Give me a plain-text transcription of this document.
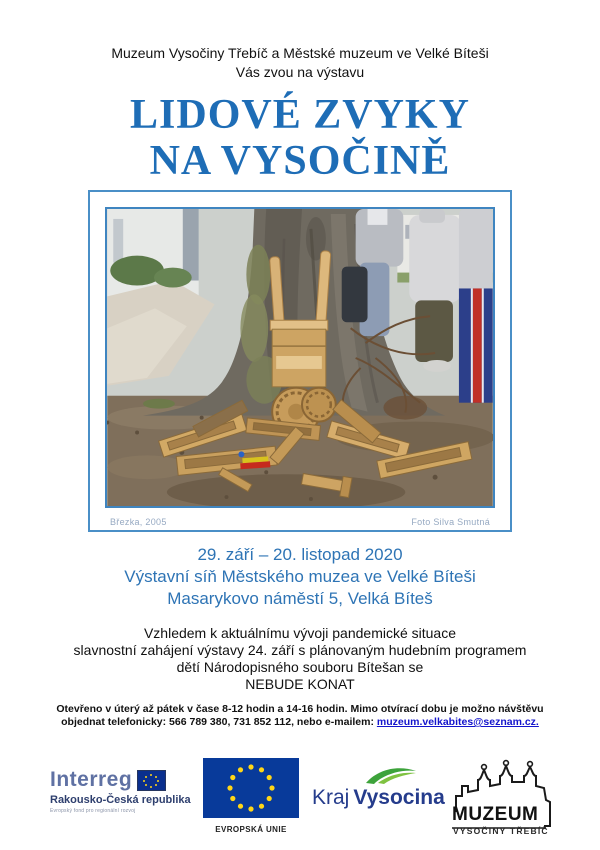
Muzeum Vysočiny Třebíč a Městské muzeum ve Velké Bíteši
Vás zvou na výstavu
LIDOVÉ ZVYKY
NA VYSOČINĚ
Březka, 2005	Foto Silva Smutná
29. září – 20. listopad 2020
Výstavní síň Městského muzea ve Velké Bíteši
Masarykovo náměstí 5, Velká Bíteš
Vzhledem k aktuálnímu vývoji pandemické situace
slavnostní zahájení výstavy 24. září s plánovaným hudebním programem
dětí Národopisného souboru Bítešan se
NEBUDE KONAT
Otevřeno v úterý až pátek v čase 8-12 hodin a 14-16 hodin. Mimo otvírací dobu je možno návštěvu
objednat telefonicky: 566 789 380, 731 852 112, nebo e-mailem: muzeum.velkabites@seznam.cz.
Interreg
Rakousko-Česká republika
Evropský fond pro regionální rozvoj
EVROPSKÁ UNIE
Kraj Vysocina
MUZEUM
VYSOČINY TŘEBÍČ
